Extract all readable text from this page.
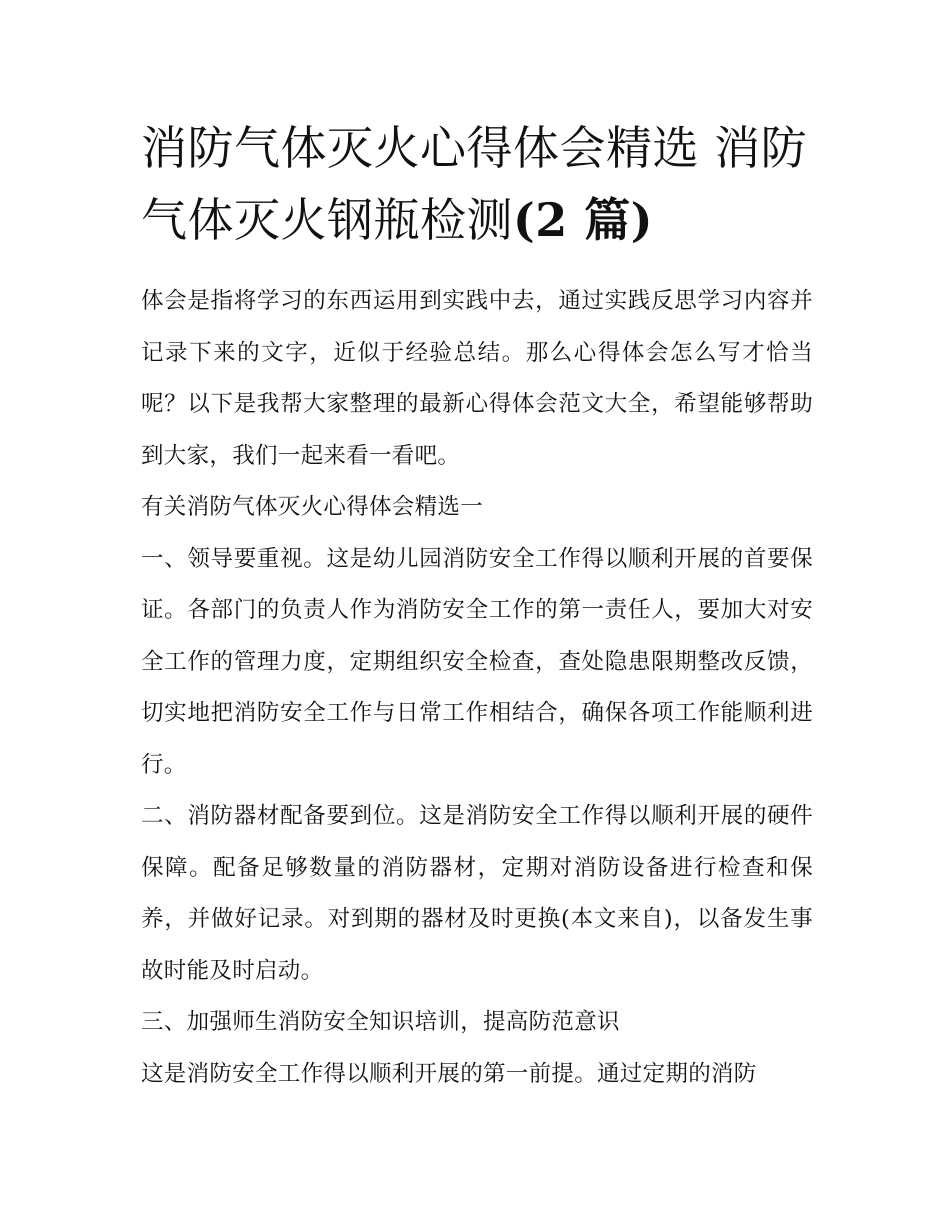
消防气体灭火心得体会精选 消防气体灭火钢瓶检测(2 篇)

体会是指将学习的东西运用到实践中去，通过实践反思学习内容并记录下来的文字，近似于经验总结。那么心得体会怎么写才恰当呢？以下是我帮大家整理的最新心得体会范文大全，希望能够帮助到大家，我们一起来看一看吧。

有关消防气体灭火心得体会精选一

一、领导要重视。这是幼儿园消防安全工作得以顺利开展的首要保证。各部门的负责人作为消防安全工作的第一责任人，要加大对安全工作的管理力度，定期组织安全检查，查处隐患限期整改反馈，切实地把消防安全工作与日常工作相结合，确保各项工作能顺利进行。

二、消防器材配备要到位。这是消防安全工作得以顺利开展的硬件保障。配备足够数量的消防器材，定期对消防设备进行检查和保养，并做好记录。对到期的器材及时更换(本文来自)，以备发生事故时能及时启动。

三、加强师生消防安全知识培训，提高防范意识

这是消防安全工作得以顺利开展的第一前提。通过定期的消防
